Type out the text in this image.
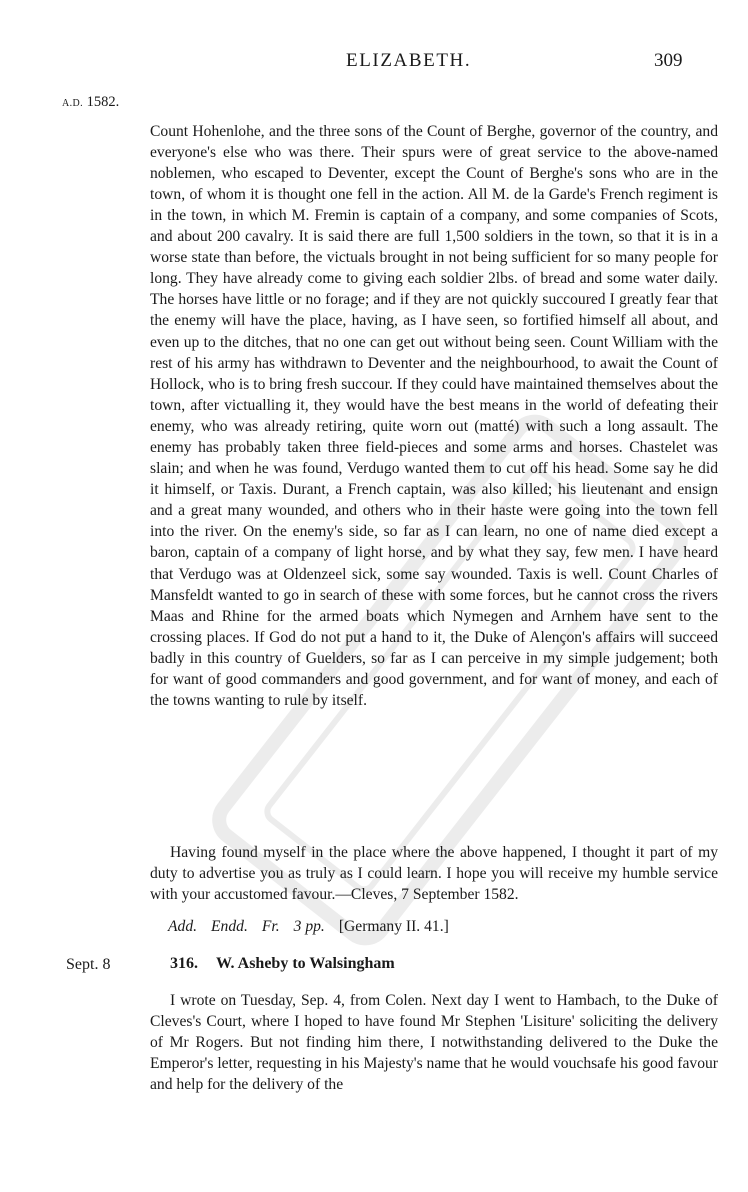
ELIZABETH.	309
A.D. 1582.
Sept. 8

Count Hohenlohe, and the three sons of the Count of Berghe, governor of the country, and everyone's else who was there. Their spurs were of great service to the above-named noblemen, who escaped to Deventer, except the Count of Berghe's sons who are in the town, of whom it is thought one fell in the action. All M. de la Garde's French regiment is in the town, in which M. Fremin is captain of a company, and some companies of Scots, and about 200 cavalry. It is said there are full 1,500 soldiers in the town, so that it is in a worse state than before, the victuals brought in not being sufficient for so many people for long. They have already come to giving each soldier 2lbs. of bread and some water daily. The horses have little or no forage; and if they are not quickly succoured I greatly fear that the enemy will have the place, having, as I have seen, so fortified himself all about, and even up to the ditches, that no one can get out without being seen. Count William with the rest of his army has withdrawn to Deventer and the neighbourhood, to await the Count of Hollock, who is to bring fresh succour. If they could have maintained themselves about the town, after victualling it, they would have the best means in the world of defeating their enemy, who was already retiring, quite worn out (matté) with such a long assault. The enemy has probably taken three field-pieces and some arms and horses. Chastelet was slain; and when he was found, Verdugo wanted them to cut off his head. Some say he did it himself, or Taxis. Durant, a French captain, was also killed; his lieutenant and ensign and a great many wounded, and others who in their haste were going into the town fell into the river. On the enemy's side, so far as I can learn, no one of name died except a baron, captain of a company of light horse, and by what they say, few men. I have heard that Verdugo was at Oldenzeel sick, some say wounded. Taxis is well. Count Charles of Mansfeldt wanted to go in search of these with some forces, but he cannot cross the rivers Maas and Rhine for the armed boats which Nymegen and Arnhem have sent to the crossing places. If God do not put a hand to it, the Duke of Alençon's affairs will succeed badly in this country of Guelders, so far as I can perceive in my simple judgement; both for want of good commanders and good government, and for want of money, and each of the towns wanting to rule by itself.

Having found myself in the place where the above happened, I thought it part of my duty to advertise you as truly as I could learn. I hope you will receive my humble service with your accustomed favour.—Cleves, 7 September 1582.

I wrote on Tuesday, Sep. 4, from Colen. Next day I went to Hambach, to the Duke of Cleves's Court, where I hoped to have found Mr Stephen 'Lisiture' soliciting the delivery of Mr Rogers. But not finding him there, I notwithstanding delivered to the Duke the Emperor's letter, requesting in his Majesty's name that he would vouchsafe his good favour and help for the delivery of the

Add. Endd. Fr. 3 pp. [Germany II. 41.]
316. W. Asheby to Walsingham
